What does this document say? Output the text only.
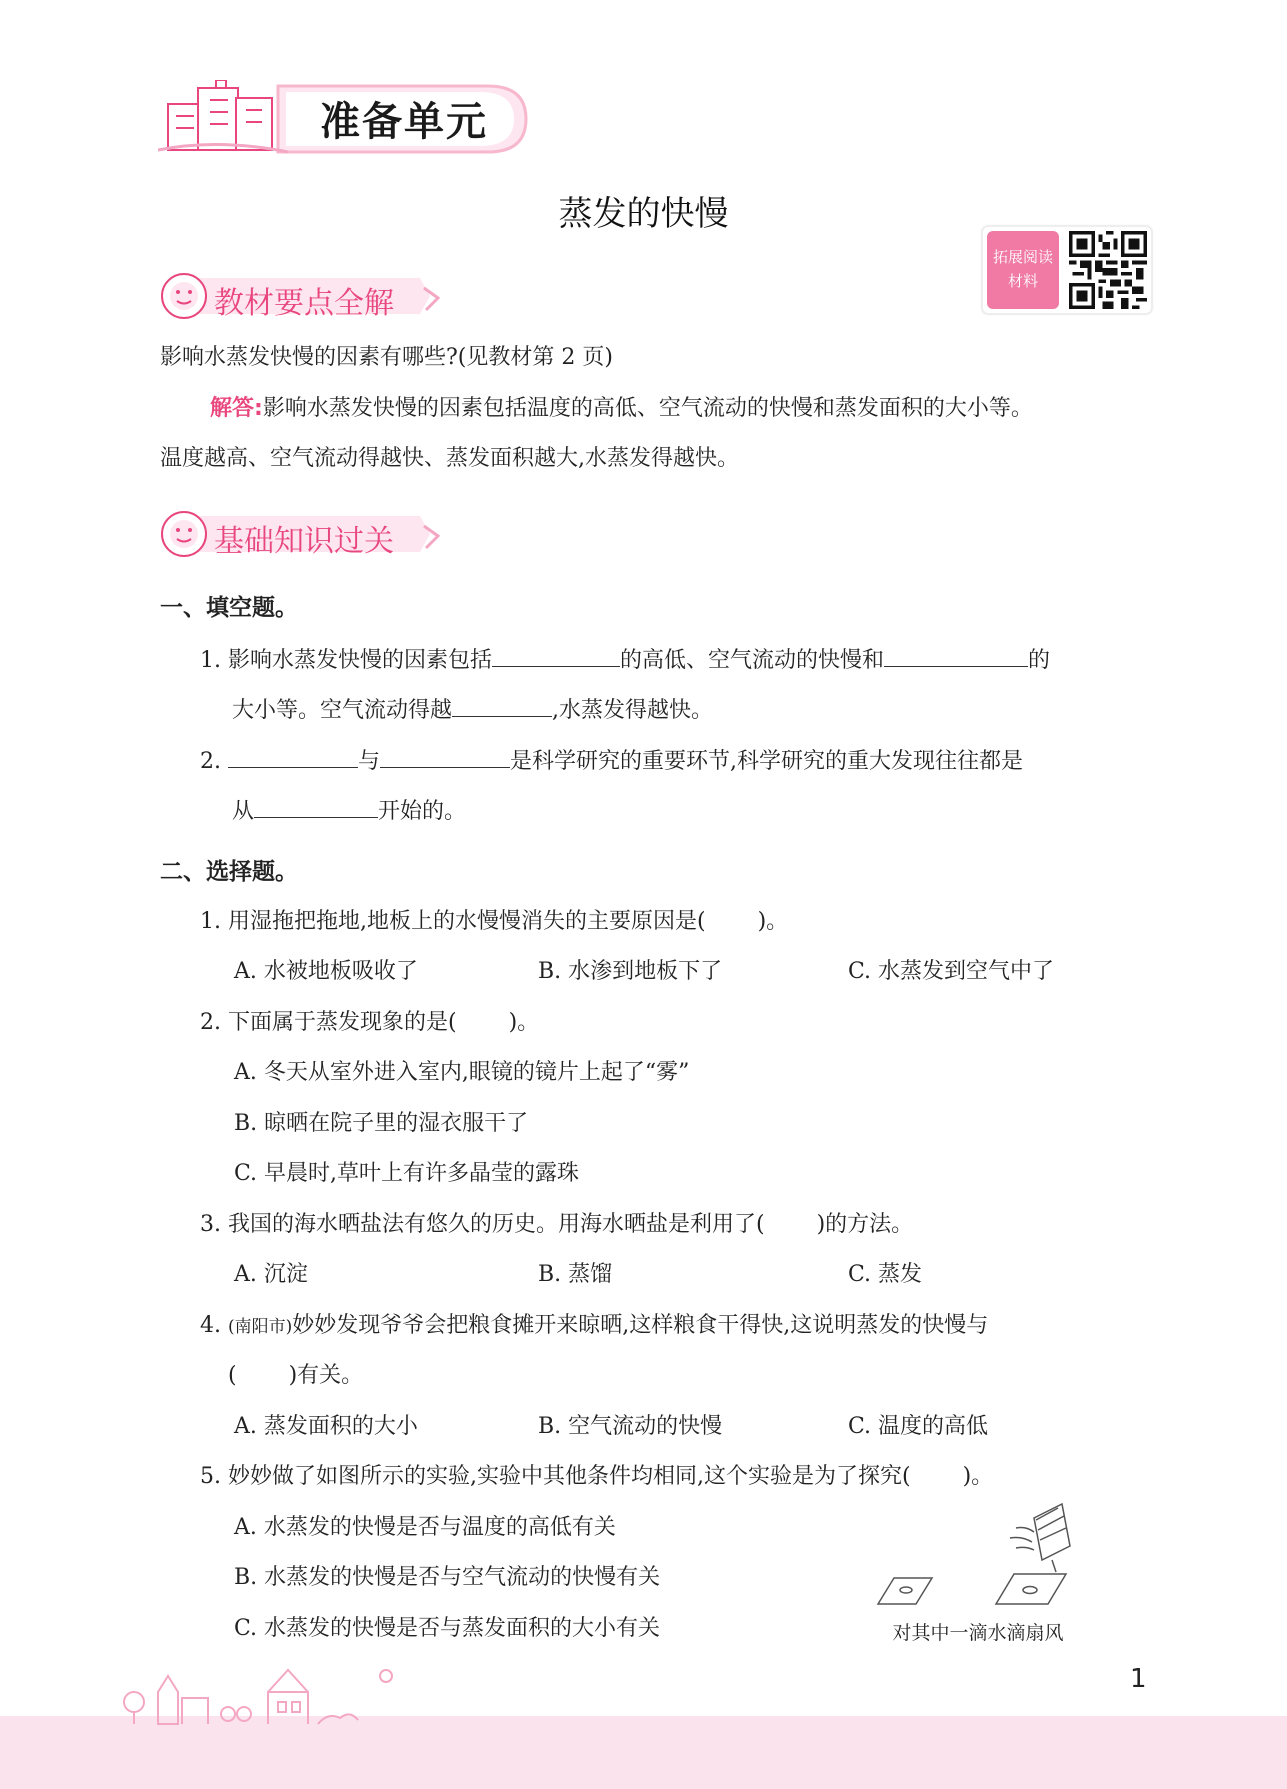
准备单元
蒸发的快慢
拓展阅读
材料
教材要点全解
影响水蒸发快慢的因素有哪些?(见教材第 2 页)
解答:影响水蒸发快慢的因素包括温度的高低、空气流动的快慢和蒸发面积的大小等。
温度越高、空气流动得越快、蒸发面积越大,水蒸发得越快。
基础知识过关
一、填空题。
1. 影响水蒸发快慢的因素包括	的高低、空气流动的快慢和	的
大小等。空气流动得越	,水蒸发得越快。
2.	与	是科学研究的重要环节,科学研究的重大发现往往都是
从	开始的。
二、选择题。
1. 用湿拖把拖地,地板上的水慢慢消失的主要原因是( )。
A. 水被地板吸收了	B. 水渗到地板下了	C. 水蒸发到空气中了
2. 下面属于蒸发现象的是( )。
A. 冬天从室外进入室内,眼镜的镜片上起了“雾”
B. 晾晒在院子里的湿衣服干了
C. 早晨时,草叶上有许多晶莹的露珠
3. 我国的海水晒盐法有悠久的历史。用海水晒盐是利用了( )的方法。
A. 沉淀	B. 蒸馏	C. 蒸发
4. (南阳市)妙妙发现爷爷会把粮食摊开来晾晒,这样粮食干得快,这说明蒸发的快慢与
( )有关。
A. 蒸发面积的大小	B. 空气流动的快慢	C. 温度的高低
5. 妙妙做了如图所示的实验,实验中其他条件均相同,这个实验是为了探究( )。
A. 水蒸发的快慢是否与温度的高低有关
B. 水蒸发的快慢是否与空气流动的快慢有关
C. 水蒸发的快慢是否与蒸发面积的大小有关	对其中一滴水滴扇风
1
